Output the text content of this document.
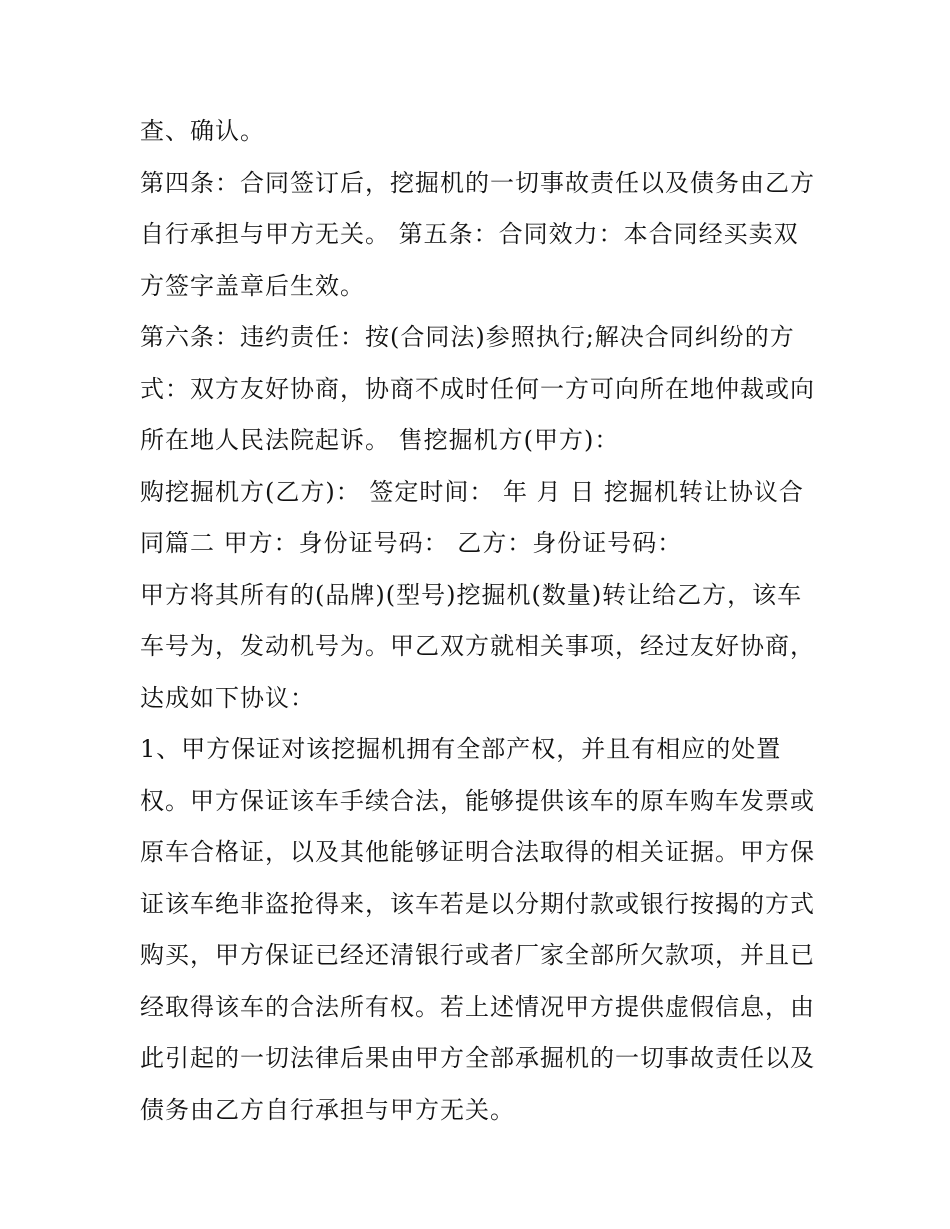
查、确认。
第四条：合同签订后，挖掘机的一切事故责任以及债务由乙方
自行承担与甲方无关。 第五条：合同效力：本合同经买卖双
方签字盖章后生效。
第六条：违约责任：按(合同法)参照执行;解决合同纠纷的方
式：双方友好协商，协商不成时任何一方可向所在地仲裁或向
所在地人民法院起诉。 售挖掘机方(甲方)：
购挖掘机方(乙方)： 签定时间： 年 月 日 挖掘机转让协议合
同篇二 甲方：身份证号码： 乙方：身份证号码：
甲方将其所有的(品牌)(型号)挖掘机(数量)转让给乙方，该车
车号为，发动机号为。甲乙双方就相关事项，经过友好协商，
达成如下协议：
1、甲方保证对该挖掘机拥有全部产权，并且有相应的处置
权。甲方保证该车手续合法，能够提供该车的原车购车发票或
原车合格证，以及其他能够证明合法取得的相关证据。甲方保
证该车绝非盗抢得来，该车若是以分期付款或银行按揭的方式
购买，甲方保证已经还清银行或者厂家全部所欠款项，并且已
经取得该车的合法所有权。若上述情况甲方提供虚假信息，由
此引起的一切法律后果由甲方全部承掘机的一切事故责任以及
债务由乙方自行承担与甲方无关。
